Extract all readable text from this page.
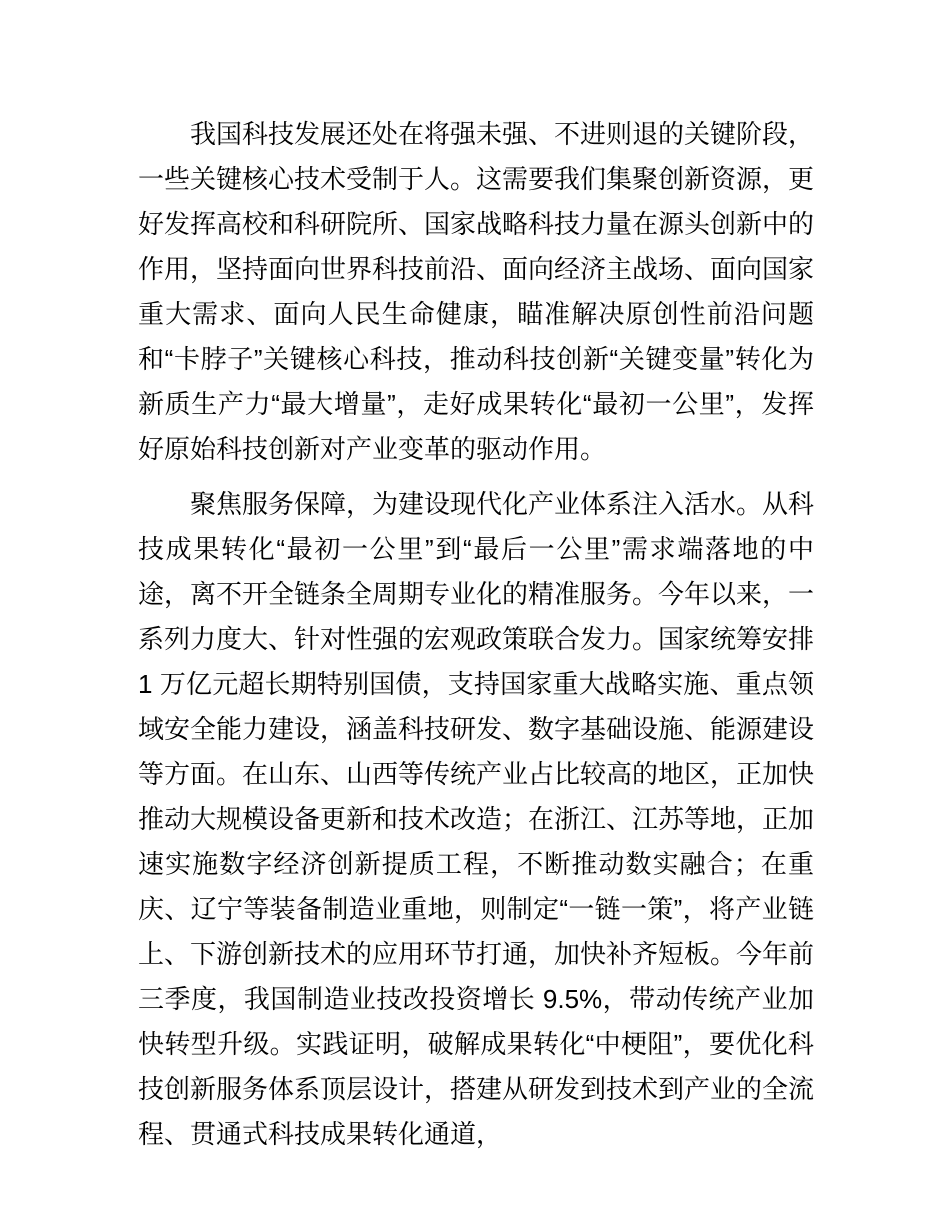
我国科技发展还处在将强未强、不进则退的关键阶段，一些关键核心技术受制于人。这需要我们集聚创新资源，更好发挥高校和科研院所、国家战略科技力量在源头创新中的作用，坚持面向世界科技前沿、面向经济主战场、面向国家重大需求、面向人民生命健康，瞄准解决原创性前沿问题和“卡脖子”关键核心科技，推动科技创新“关键变量”转化为新质生产力“最大增量”，走好成果转化“最初一公里”，发挥好原始科技创新对产业变革的驱动作用。

聚焦服务保障，为建设现代化产业体系注入活水。从科技成果转化“最初一公里”到“最后一公里”需求端落地的中途，离不开全链条全周期专业化的精准服务。今年以来，一系列力度大、针对性强的宏观政策联合发力。国家统筹安排 1 万亿元超长期特别国债，支持国家重大战略实施、重点领域安全能力建设，涵盖科技研发、数字基础设施、能源建设等方面。在山东、山西等传统产业占比较高的地区，正加快推动大规模设备更新和技术改造；在浙江、江苏等地，正加速实施数字经济创新提质工程，不断推动数实融合；在重庆、辽宁等装备制造业重地，则制定“一链一策”，将产业链上、下游创新技术的应用环节打通，加快补齐短板。今年前三季度，我国制造业技改投资增长 9.5%，带动传统产业加快转型升级。实践证明，破解成果转化“中梗阻”，要优化科技创新服务体系顶层设计，搭建从研发到技术到产业的全流程、贯通式科技成果转化通道，
